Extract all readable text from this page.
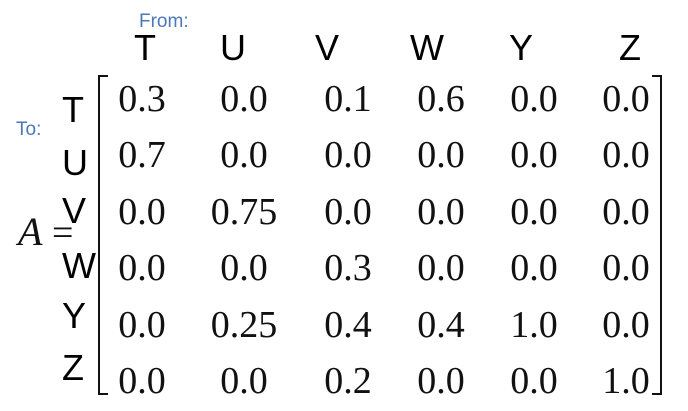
From:
To:
T U V W Y Z
T
U
V
W
Y
Z
A =
0.3 0.0 0.1 0.6 0.0 0.0
0.7 0.0 0.0 0.0 0.0 0.0
0.0 0.75 0.0 0.0 0.0 0.0
0.0 0.0 0.3 0.0 0.0 0.0
0.0 0.25 0.4 0.4 1.0 0.0
0.0 0.0 0.2 0.0 0.0 1.0
